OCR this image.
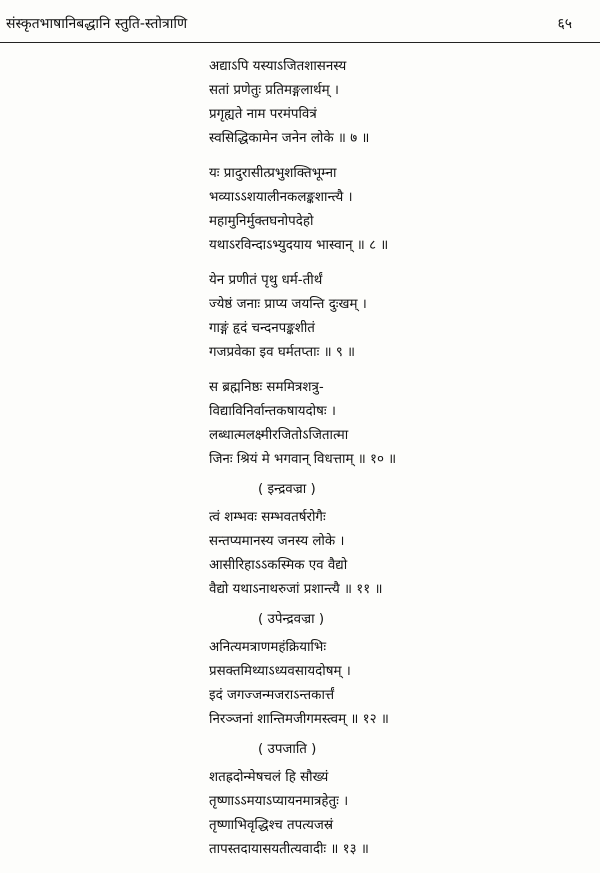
संस्कृतभाषानिबद्धानि स्तुति-स्तोत्राणि	६५
अद्याऽपि यस्याऽजितशासनस्य
सतां प्रणेतुः प्रतिमङ्गलार्थम् ।
प्रगृह्यते नाम परमंपवित्रं
स्वसिद्धिकामेन जनेन लोके ॥ ७ ॥
यः प्रादुरासीत्प्रभुशक्तिभूम्ना
भव्याऽऽशयालीनकलङ्कशान्त्यै ।
महामुनिर्मुक्तघनोपदेहो
यथाऽरविन्दाऽभ्युदयाय भास्वान् ॥ ८ ॥
येन प्रणीतं पृथु धर्म-तीर्थं
ज्येष्ठं जनाः प्राप्य जयन्ति दुःखम् ।
गाङ्गं हृदं चन्दनपङ्कशीतं
गजप्रवेका इव घर्मतप्ताः ॥ ९ ॥
स ब्रह्मनिष्ठः सममित्रशत्रु-
विद्याविनिर्वान्तकषायदोषः ।
लब्धात्मलक्ष्मीरजितोऽजितात्मा
जिनः श्रियं मे भगवान् विधत्ताम् ॥ १० ॥
( इन्द्रवज्रा )
त्वं शम्भवः सम्भवतर्षरोगैः
सन्तप्यमानस्य जनस्य लोके ।
आसीरिहाऽऽकस्मिक एव वैद्यो
वैद्यो यथाऽनाथरुजां प्रशान्त्यै ॥ ११ ॥
( उपेन्द्रवज्रा )
अनित्यमत्राणमहंक्रियाभिः
प्रसक्तमिथ्याऽध्यवसायदोषम् ।
इदं जगज्जन्मजराऽन्तकार्त्तं
निरञ्जनां शान्तिमजीगमस्त्वम् ॥ १२ ॥
( उपजाति )
शतह्रदोन्मेषचलं हि सौख्यं
तृष्णाऽऽमयाऽप्यायनमात्रहेतुः ।
तृष्णाभिवृद्धिश्च तपत्यजस्रं
तापस्तदायासयतीत्यवादीः ॥ १३ ॥
